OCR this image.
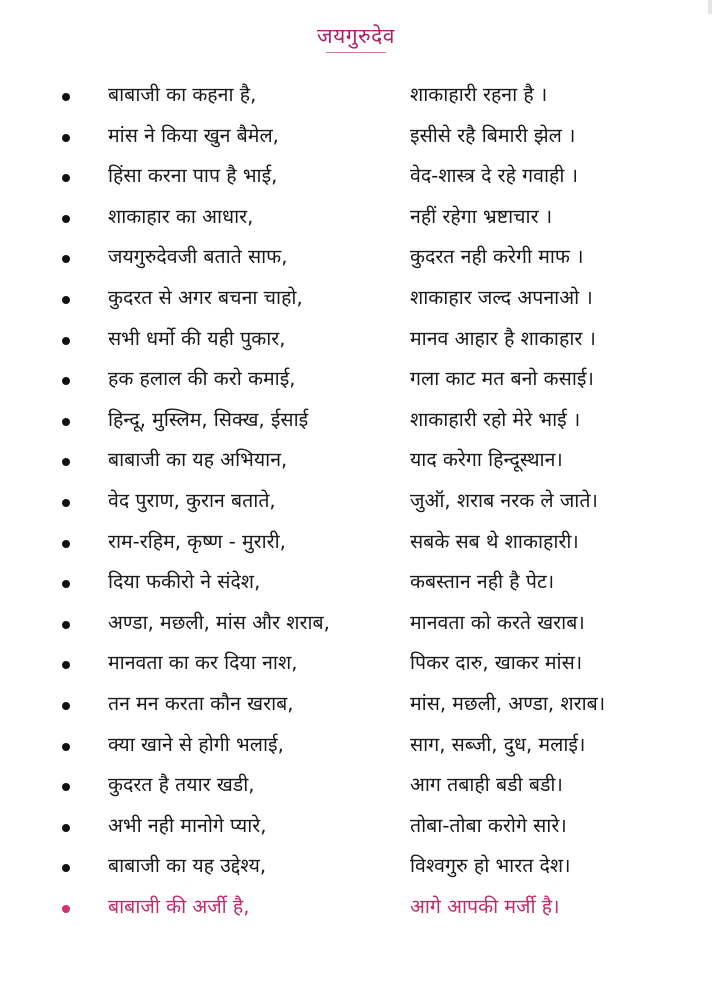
जयगुरुदेव
बाबाजी का कहना है,	शाकाहारी रहना है ।
मांस ने किया खुन बैमेल,	इसीसे रहै बिमारी झेल ।
हिंसा करना पाप है भाई,	वेद-शास्त्र दे रहे गवाही ।
शाकाहार का आधार,	नहीं रहेगा भ्रष्टाचार ।
जयगुरुदेवजी बताते साफ,	कुदरत नही करेगी माफ ।
कुदरत से अगर बचना चाहो,	शाकाहार जल्द अपनाओ ।
सभी धर्मो की यही पुकार,	मानव आहार है शाकाहार ।
हक हलाल की करो कमाई,	गला काट मत बनो कसाई।
हिन्दू, मुस्लिम, सिक्ख, ईसाई	शाकाहारी रहो मेरे भाई ।
बाबाजी का यह अभियान,	याद करेगा हिन्दूस्थान।
वेद पुराण, कुरान बताते,	जुऑ, शराब नरक ले जाते।
राम-रहिम, कृष्ण - मुरारी,	सबके सब थे शाकाहारी।
दिया फकीरो ने संदेश,	कबस्तान नही है पेट।
अण्डा, मछली, मांस और शराब,	मानवता को करते खराब।
मानवता का कर दिया नाश,	पिकर दारु, खाकर मांस।
तन मन करता कौन खराब,	मांस, मछली, अण्डा, शराब।
क्या खाने से होगी भलाई,	साग, सब्जी, दुध, मलाई।
कुदरत है तयार खडी,	आग तबाही बडी बडी।
अभी नही मानोगे प्यारे,	तोबा-तोबा करोगे सारे।
बाबाजी का यह उद्देश्य,	विश्वगुरु हो भारत देश।
बाबाजी की अर्जी है,	आगे आपकी मर्जी है।
